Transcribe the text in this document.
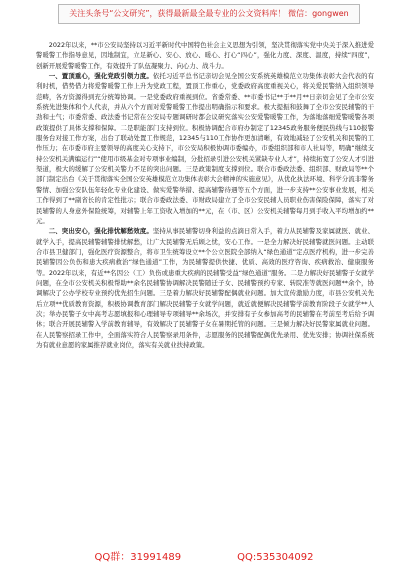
关注头条号“公文研究”，获得最新最全最专业的公文资料库！ 微信：gongwen

2022年以来，**市公安局坚持以习近平新时代中国特色社会主义思想为引领，坚决贯彻落实党中央关于深入推进爱警暖警工作指导意见，因地制宜，立足新心、安心、放心、暖心、打心“四心”，强化力度、深度、温度，持续“四度”，创新开展爱警暖警工作，有效提升了队伍凝聚力、向心力、战斗力。

一、置顶重心，强化党政引领力度。依托习近平总书记亲切会见全国公安系统英雄模范立功集体表彰大会代表的有利时机，借势借力将爱警暖警工作上升为党政工程，置顶工作重心，党委政府高度重视关心，将关爱民警纳入组织领导范畴，各方资源得到充分统筹协调。一是党委政府重视到位。省委常委、**市委书记**于**月**日亲切会见了全市公安系统先进集体和个人代表，并从六个方面对爱警暖警工作提出明确指示和要求。极大提振和鼓舞了全市公安民辅警的干劲和士气；市委常委、政法委书记常在公安局专题调研时都会议研究落实公安爱警暖警工作，为落地落细爱警暖警各项政策提供了具体支撑和保障。二是职能部门支持到位。积极协调配合市府办制定了12345政务服务便民热线与110报警服务台对接工作方案，出台了联动处置工作规范，12345与110工作协作更加清晰，有效地减轻了公安机关和民警的工作压力；在市委市府主要领导的高度关心支持下，市公安局积极协调市委编办，市委组织部和市人社局等，明确“继续支持公安机关满编运行”“使用市级基金对专项事业编制，分批招录引进公安机关紧缺专业人才”，持续拓宽了公安人才引进渠道，极大的缓解了公安机关警力不足的突出问题。三是政策制度支撑到位。联合市委政法委、组织部、财政局等**个部门制定出台《关于贯彻落实全国公安英雄模范立功集体表彰大会精神的实施意见》，从优化执法环境、科学分流非警务警情、加强公安队伍年轻化专业化建设、做实爱警举措、提高辅警待遇等五个方面，进一步支持**公安事业发展，相关工作得到了**副省长的肯定性批示；联合市委政法委、市财政局建立了全市公安民辅人员职业伤害保险保障，落实了对民辅警的人身意外保险统筹，对辅警上年工资收入增加的**元，在（市、区）公安机关辅警每月到手收入平均增加约**元。

二、突出安心，强化排忧解愁效度。坚持从事民辅警切身利益的点滴日常入手，着力从民辅警及家属就医、就业、就学入手，提高民辅警辅警排忧解愁，让广大民辅警无后顾之忧，安心工作。一是全力解决好民辅警就医问题。主动联合市县卫健部门，强化医疗资源整合，将市卫生统筹设立**个公立医院全部纳入“绿色通道”定点医疗机构，进一步完善民辅警因公负伤和患大疾病救治“绿色通道”工作，为民辅警提供快捷、优质、高效的医疗咨询、疾病救治、健康服务等。2022年以来，有近**名因公（工）负伤或患重大疾病的民辅警受益“绿色通道”服务。二是力解决好民辅警子女就学问题，在全市公安机关积极帮助**余名民辅警协调解决民警随迁子女、民辅警预约专家、转院准等就医问题**余个，协调解决了公办学校专业预约优先招生问题。三是着力解决好民辅警配偶就业问题。加大宣传激励力度，市县公安机关先后立项**优质教育资源，积极协调教育部门解决民辅警子女就学问题，就近就便解决民辅警学前教育阶段子女就学**人次；举办民警子女中高考志愿填报和心理辅导专项辅导**余场次，并安排有子女参加高考的民辅警在考前至考后给予调休；联合开展民辅警入学前教育辅导，有效解决了民辅警子女在暑期托管的问题。三是倾力解决好民警家属就业问题。在人民警察招录工作中，全面落实符合人民警察录用条件，志愿服务的民辅警配偶优先录用、优先安排；协调社保系统为有就业意愿的家属推荐就业岗位，落实有关就业扶持政策。

QQ群：31991489	QQ:535304092
